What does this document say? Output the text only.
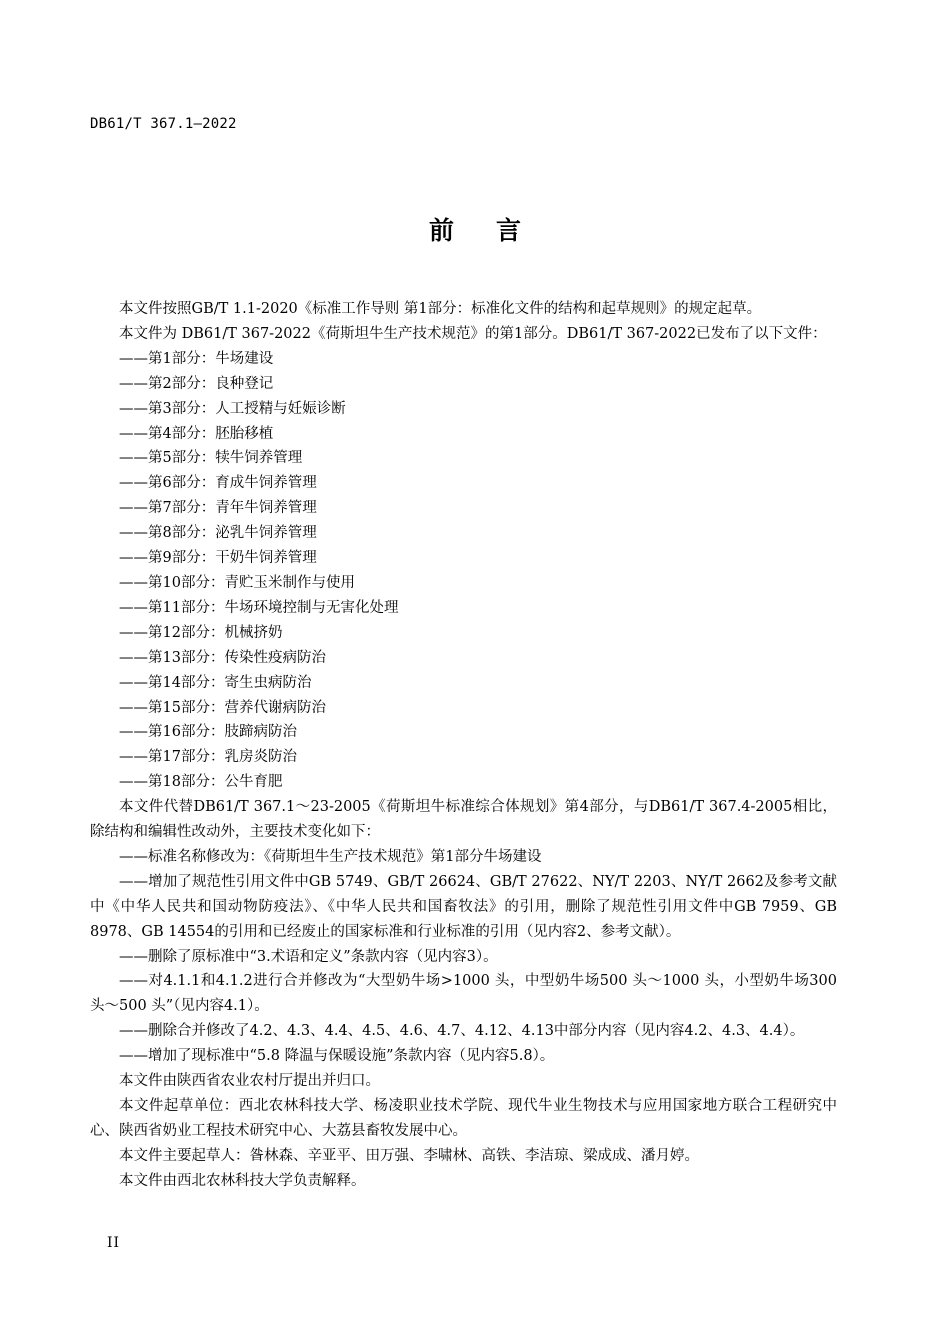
DB61/T 367.1—2022
前言

本文件按照GB/T 1.1-2020《标准工作导则 第1部分：标准化文件的结构和起草规则》的规定起草。

本文件为 DB61/T 367-2022《荷斯坦牛生产技术规范》的第1部分。DB61/T 367-2022已发布了以下文件：

——第1部分：牛场建设

——第2部分：良种登记

——第3部分：人工授精与妊娠诊断

——第4部分：胚胎移植

——第5部分：犊牛饲养管理

——第6部分：育成牛饲养管理

——第7部分：青年牛饲养管理

——第8部分：泌乳牛饲养管理

——第9部分：干奶牛饲养管理

——第10部分：青贮玉米制作与使用

——第11部分：牛场环境控制与无害化处理

——第12部分：机械挤奶

——第13部分：传染性疫病防治

——第14部分：寄生虫病防治

——第15部分：营养代谢病防治

——第16部分：肢蹄病防治

——第17部分：乳房炎防治

——第18部分：公牛育肥

本文件代替DB61/T 367.1～23-2005《荷斯坦牛标准综合体规划》第4部分，与DB61/T 367.4-2005相比，除结构和编辑性改动外，主要技术变化如下：

——标准名称修改为：《荷斯坦牛生产技术规范》第1部分牛场建设

——增加了规范性引用文件中GB 5749、GB/T 26624、GB/T 27622、NY/T 2203、NY/T 2662及参考文献中《中华人民共和国动物防疫法》、《中华人民共和国畜牧法》的引用，删除了规范性引用文件中GB 7959、GB 8978、GB 14554的引用和已经废止的国家标准和行业标准的引用（见内容2、参考文献）。

——删除了原标准中“3.术语和定义”条款内容（见内容3）。

——对4.1.1和4.1.2进行合并修改为“大型奶牛场>1000 头，中型奶牛场500 头～1000 头，小型奶牛场300 头～500 头”（见内容4.1）。

——删除合并修改了4.2、4.3、4.4、4.5、4.6、4.7、4.12、4.13中部分内容（见内容4.2、4.3、4.4）。

——增加了现标准中“5.8 降温与保暖设施”条款内容（见内容5.8）。

本文件由陕西省农业农村厅提出并归口。

本文件起草单位：西北农林科技大学、杨凌职业技术学院、现代牛业生物技术与应用国家地方联合工程研究中心、陕西省奶业工程技术研究中心、大荔县畜牧发展中心。

本文件主要起草人：昝林森、辛亚平、田万强、李啸林、高铁、李洁琼、梁成成、潘月婷。

本文件由西北农林科技大学负责解释。

II
